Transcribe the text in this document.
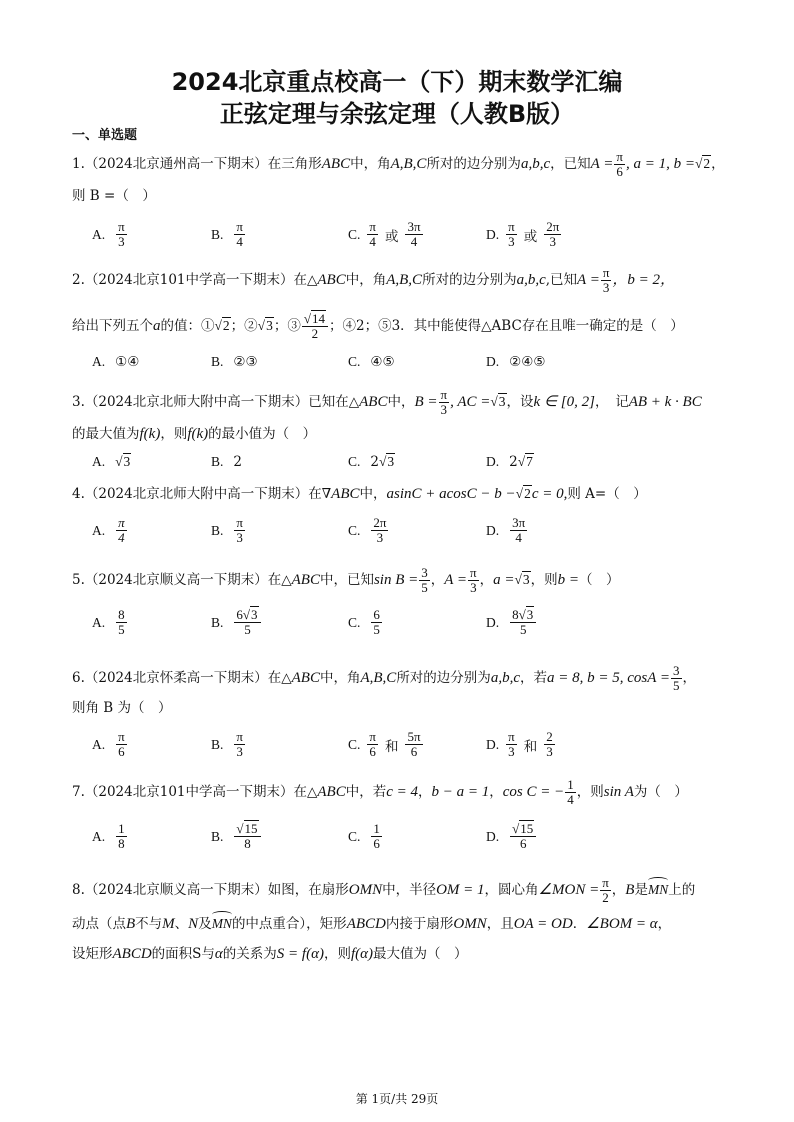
2024北京重点校高一（下）期末数学汇编
正弦定理与余弦定理（人教B版）
一、单选题
1.（2024北京通州高一下期末）在三角形ABC中，角A,B,C所对的边分别为a,b,c，已知$A = \frac{\pi}{6}$ , a = 1, b =√2，
则 B =（　）
A. $\frac{\pi}{3}$	B. $\frac{\pi}{4}$	C. $\frac{\pi}{4}$ 或 $\frac{3\pi}{4}$	D. $\frac{\pi}{3}$ 或 $\frac{2\pi}{3}$
2.（2024北京101中学高一下期末）在△ABC中，角A,B,C所对的边分别为a,b,c,已知$A = \frac{\pi}{3}$ ，b = 2，
给出下列五个a的值：①√2；②√3；③ $\frac{√14}{2}$ ；④2；⑤3．其中能使得△ABC存在且唯一确定的是（　）
A. ①④	B. ②③	C. ④⑤	D. ②④⑤
3.（2024北京北师大附中高一下期末）已知在△ABC中，$B = \frac{\pi}{3}$ , AC =√3，设k ∈ [0, 2]，　记AB + k · BC
的最大值为f(k)，则f(k)的最小值为（　）
A. √3	B. 2	C. 2√3	D. 2√7
4.（2024北京北师大附中高一下期末）在∇ABC中，asinC + acosC − b −√2c = 0,则 A=（　）
A. $\frac{\pi}{4}$	B. $\frac{\pi}{3}$	C. $\frac{2\pi}{3}$	D. $\frac{3\pi}{4}$
5.（2024北京顺义高一下期末）在△ABC中，已知$\sin B = \frac{3}{5}$ ，$A = \frac{\pi}{3}$ ，a =√3，则b =（　）
A. $\frac{8}{5}$	B. $\frac{6√3}{5}$	C. $\frac{6}{5}$	D. $\frac{8√3}{5}$
6.（2024北京怀柔高一下期末）在△ABC中，角A,B,C所对的边分别为a,b,c，若a = 8, b = 5, $\cos A = \frac{3}{5}$ ，
则角 B 为（　）
A. $\frac{\pi}{6}$	B. $\frac{\pi}{3}$	C. $\frac{\pi}{6}$ 和 $\frac{5\pi}{6}$	D. $\frac{\pi}{3}$ 和 $\frac{2}{3}$
7.（2024北京101中学高一下期末）在△ABC中，若c = 4，b − a = 1，cos C = − $\frac{1}{4}$ ，则sin A为（　）
A. $\frac{1}{8}$	B. $\frac{√15}{8}$	C. $\frac{1}{6}$	D. $\frac{√15}{6}$
8.（2024北京顺义高一下期末）如图，在扇形OMN中，半径OM = 1，圆心角∠MON = $\frac{\pi}{2}$ ，B是MN上的
动点（点B不与M、N及MN的中点重合），矩形ABCD内接于扇形OMN，且OA = OD．∠BOM = α，
设矩形ABCD的面积S与α的关系为S = f(α)，则f(α)最大值为（　）
第 1页/共 29页
